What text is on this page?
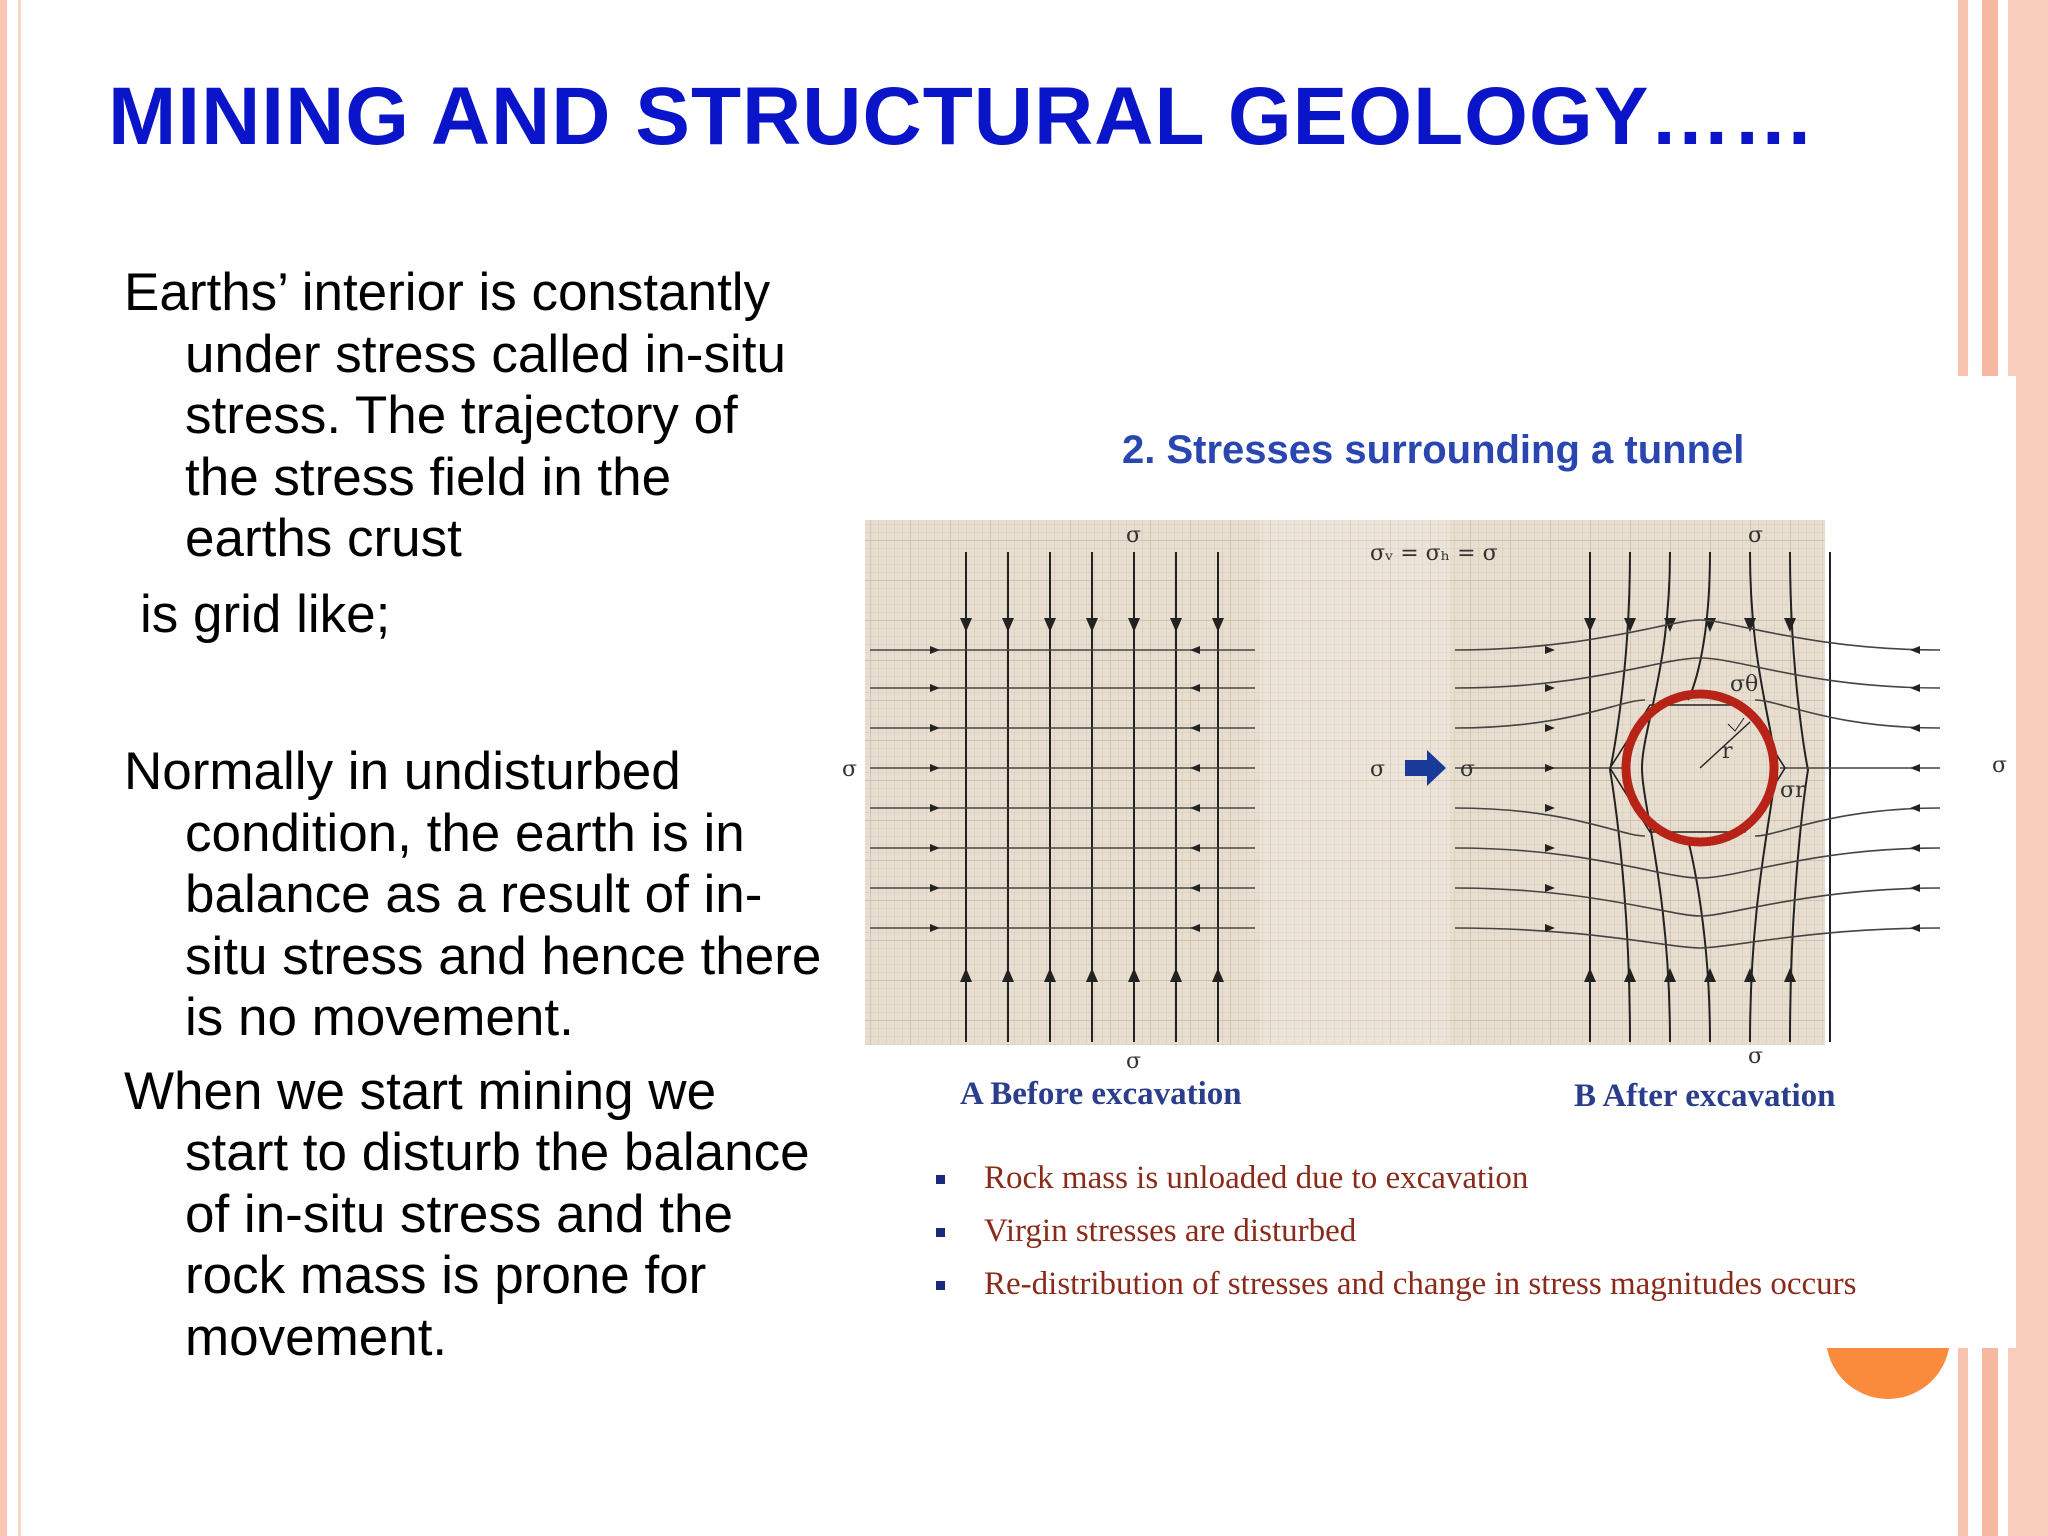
MINING AND STRUCTURAL GEOLOGY……
Earths’ interior is constantly
under stress called in-situ
stress. The trajectory of
the stress field in the
earths crust
is grid like;
Normally in undisturbed
condition, the earth is in
balance as a result of in-
situ stress and hence there
is no movement.
When we start mining we
start to disturb the balance
of in-situ stress and the
rock mass is prone for
movement.
2. Stresses surrounding a tunnel
σ
σ
σ	σ	σ
σᵥ = σₕ = σ
σ
σ
σ
σθ
σr
r
A Before excavation	B After excavation
Rock mass is unloaded due to excavation
Virgin stresses are disturbed
Re-distribution of stresses and change in stress magnitudes occurs
